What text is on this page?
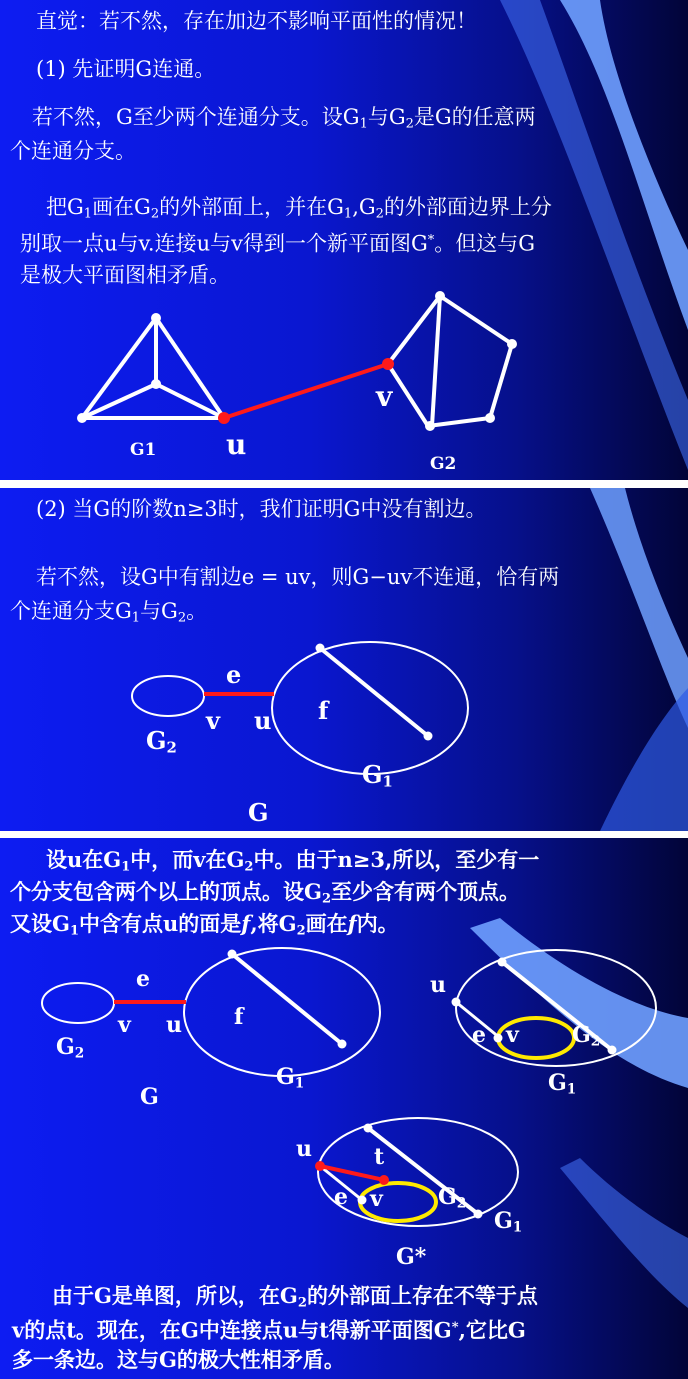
直觉：若不然，存在加边不影响平面性的情况！
(1) 先证明G连通。
若不然，G至少两个连通分支。设$G_1$与$G_2$是G的任意两
个连通分支。
把$G_1$画在$G_2$的外部面上，并在$G_1,G_2$的外部面边界上分
别取一点u与v.连接u与v得到一个新平面图G*。但这与G
是极大平面图相矛盾。
G1 u
v
G2
(2) 当G的阶数n≥3时，我们证明G中没有割边。
若不然，设G中有割边e = uv，则G−uv不连通，恰有两
个连通分支$G_1$与$G_2$。
e
v u f
$G_2$
$G_1$
G
设u在$G_1$中，而v在$G_2$中。由于n≥3,所以，至少有一
个分支包含两个以上的顶点。设$G_2$至少含有两个顶点。
又设$G_1$中含有点u的面是f,将$G_2$画在f内。
e
v u f
$G_2$
$G_1$
G
u
e v $G_2$
$G_1$
u	t
e v	$G_2$
$G_1$
G*
由于G是单图，所以，在$G_2$的外部面上存在不等于点
v的点t。现在，在G中连接点u与t得新平面图G*,它比G
多一条边。这与G的极大性相矛盾。
